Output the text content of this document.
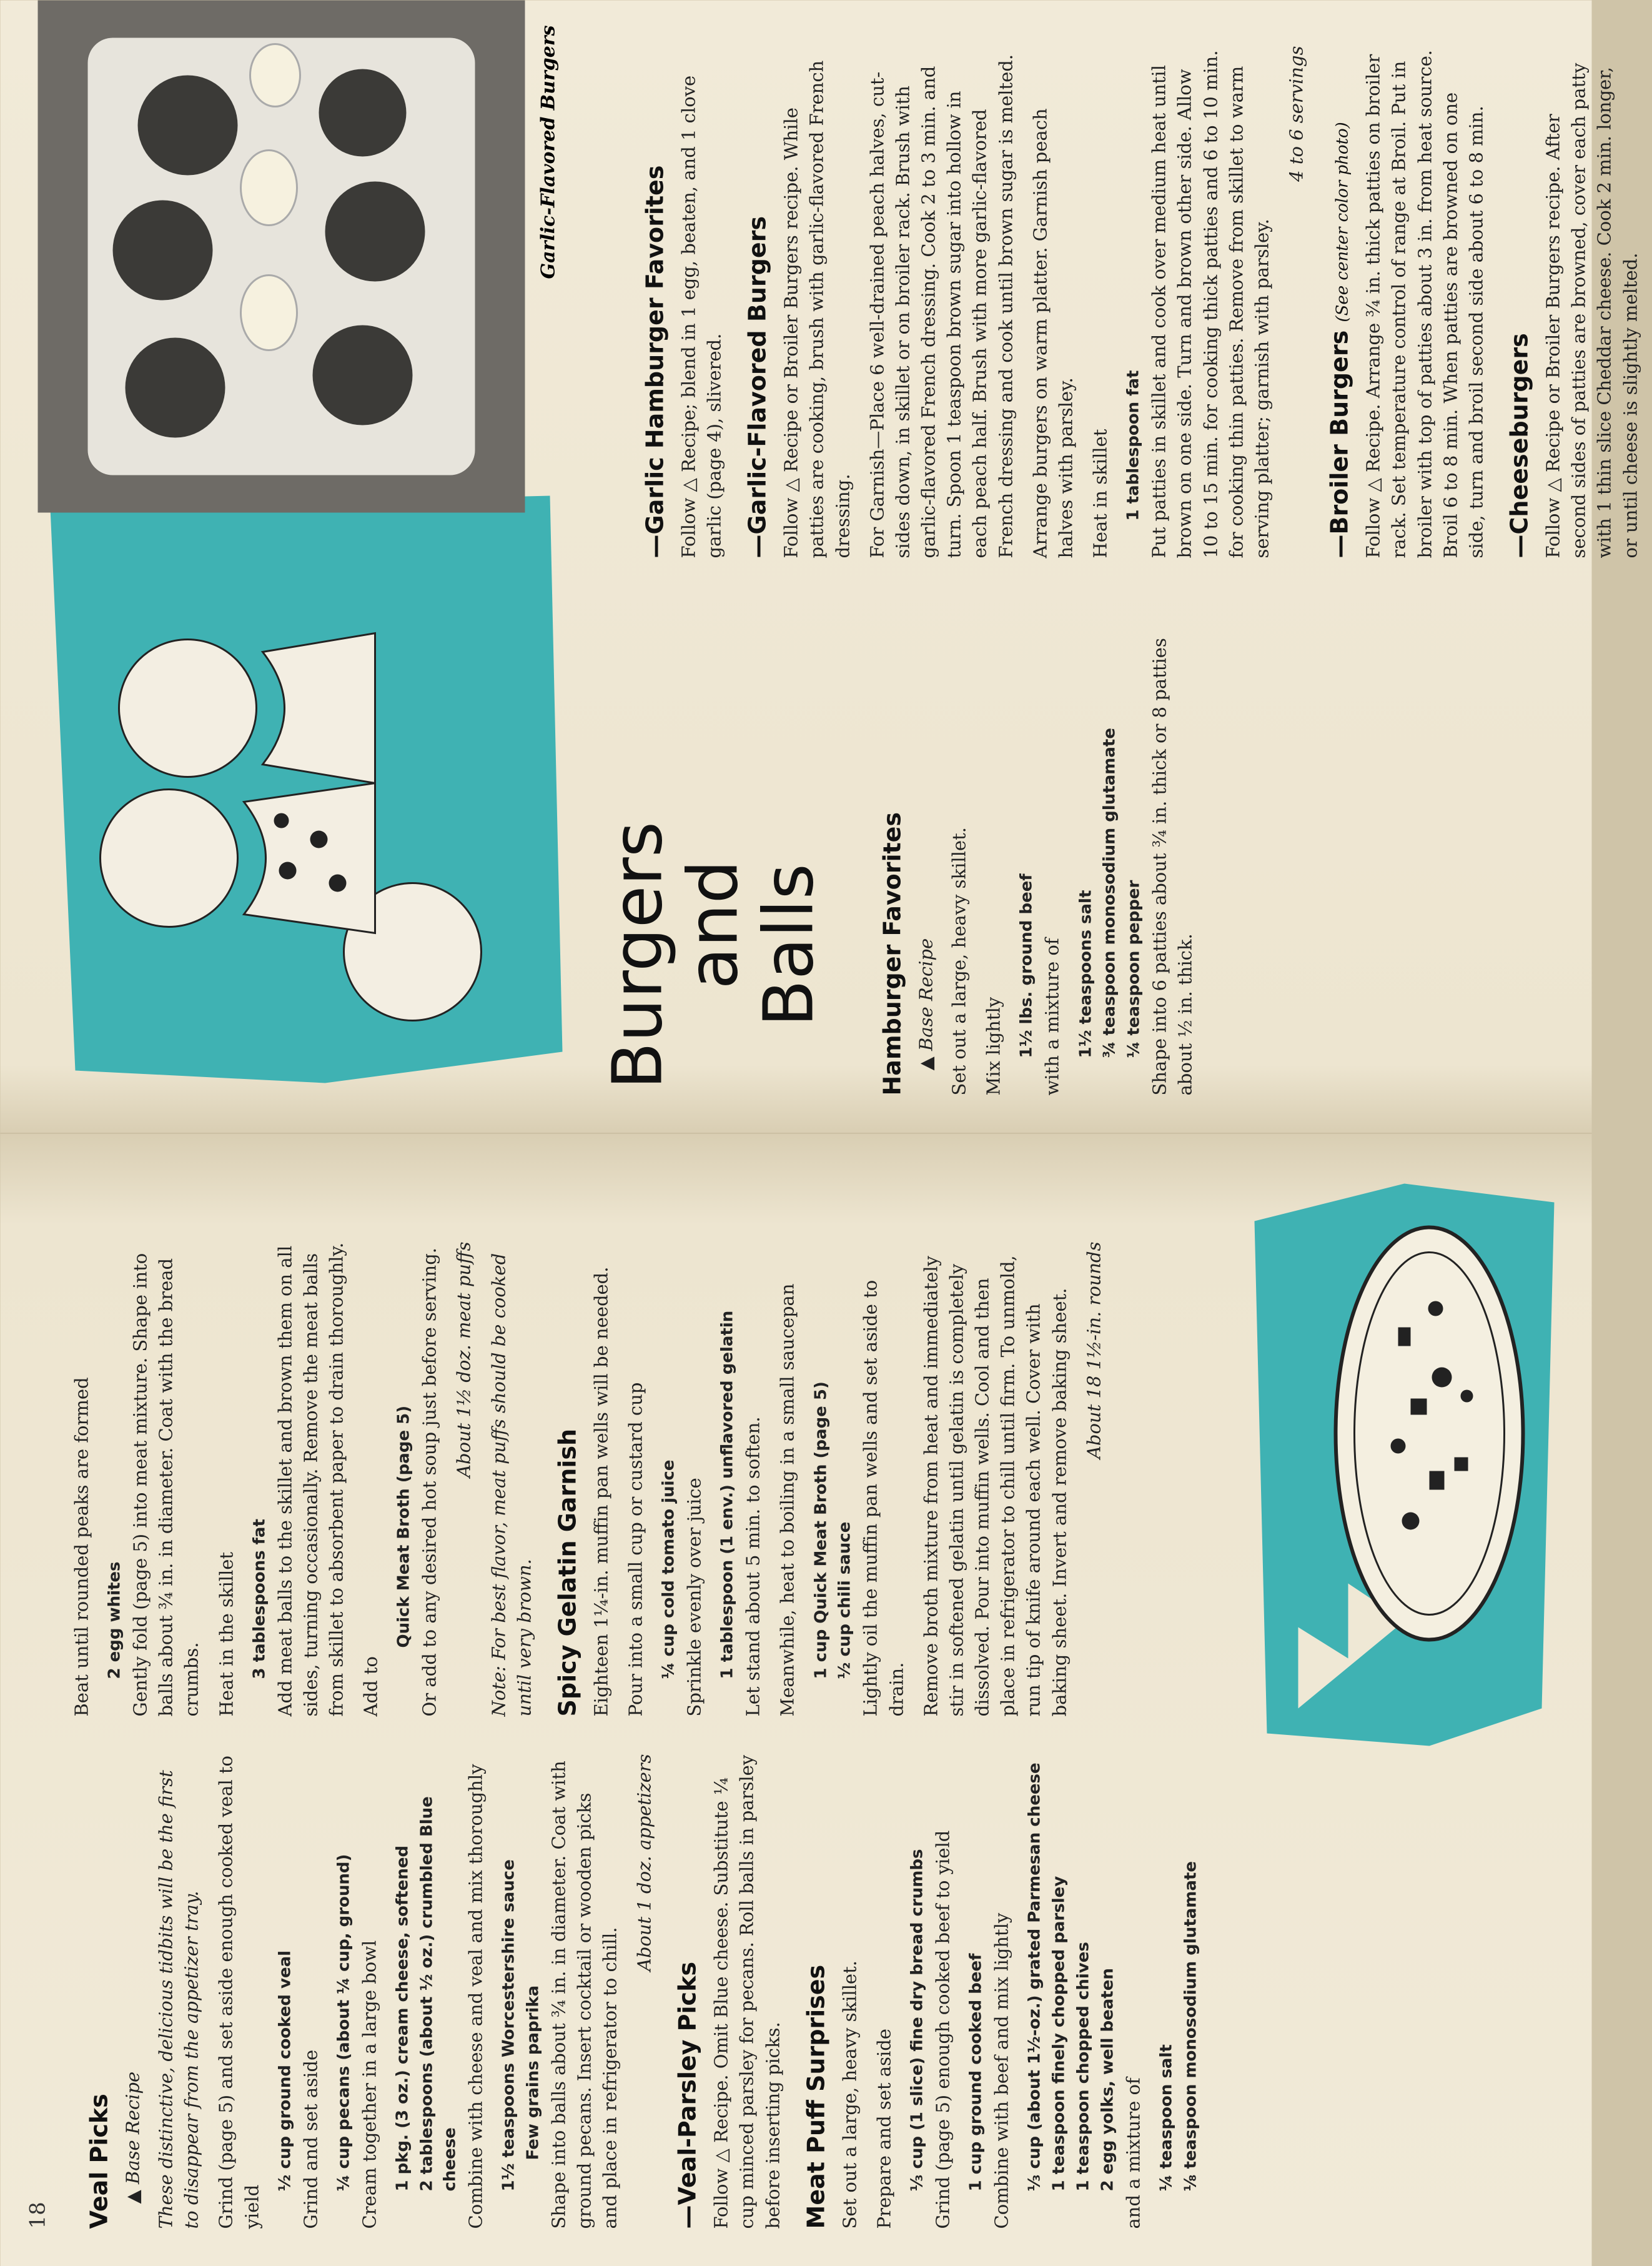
18 Veal Picks ▲ Base Recipe These distinctive, delicious tidbits will be the first to disappear from the appetizer tray. Grind (page 5) and set aside enough cooked veal to yield

½ cup ground cooked veal Grind and set aside ¼ cup pecans (about ¼ cup, ground) Cream together in a large bowl 1 pkg. (3 oz.) cream cheese, softened 2 tablespoons (about ½ oz.) crumbled Blue cheese Combine with cheese and veal and mix thoroughly 1½ teaspoons Worcestershire sauce Few grains paprika Shape into balls about ¾ in. in diameter. Coat with ground pecans. Insert cocktail or wooden picks and place in refrigerator to chill.

About 1 doz. appetizers

—Veal-Parsley Picks Follow △ Recipe. Omit Blue cheese. Substitute ¼ cup minced parsley for pecans. Roll balls in parsley before inserting picks. Meat Puff Surprises Set out a large, heavy skillet. Prepare and set aside ⅓ cup (1 slice) fine dry bread crumbs Grind (page 5) enough cooked beef to yield 1 cup ground cooked beef Combine with beef and mix lightly ⅓ cup (about 1½-oz.) grated Parmesan cheese 1 teaspoon finely chopped parsley 1 teaspoon chopped chives 2 egg yolks, well beaten and a mixture of ¼ teaspoon salt ⅛ teaspoon monosodium glutamate

Beat until rounded peaks are formed 2 egg whites Gently fold (page 5) into meat mixture. Shape into balls about ¾ in. in diameter. Coat with the bread crumbs. Heat in the skillet 3 tablespoons fat Add meat balls to the skillet and brown them on all sides, turning occasionally. Remove the meat balls from skillet to absorbent paper to drain thoroughly. Add to

Quick Meat Broth (page 5) Or add to any desired hot soup just before serving. About 1½ doz. meat puffs Note: For best flavor, meat puffs should be cooked until very brown. Spicy Gelatin Garnish Eighteen 1¼-in. muffin pan wells will be needed. Pour into a small cup or custard cup ¼ cup cold tomato juice Sprinkle evenly over juice 1 tablespoon (1 env.) unflavored gelatin Let stand about 5 min. to soften. Meanwhile, heat to boiling in a small saucepan 1 cup Quick Meat Broth (page 5) ½ cup chili sauce Lightly oil the muffin pan wells and set aside to drain. Remove broth mixture from heat and immediately stir in softened gelatin until gelatin is completely dissolved. Pour into muffin wells. Cool and then place in refrigerator to chill until firm. To unmold, run tip of knife around each well. Cover with baking sheet. Invert and remove baking sheet. About 18 1½-in. rounds

Burgers
and
Balls Hamburger Favorites ▲ Base Recipe Set out a large, heavy skillet. Mix lightly 1½ lbs. ground beef with a mixture of 1½ teaspoons salt ¾ teaspoon monosodium glutamate ¼ teaspoon pepper Shape into 6 patties about ¾ in. thick or 8 patties about ½ in. thick.

—Garlic Hamburger Favorites Follow △ Recipe; blend in 1 egg, beaten, and 1 clove garlic (page 4), slivered. —Garlic-Flavored Burgers Follow △ Recipe or Broiler Burgers recipe. While patties are cooking, brush with garlic-flavored French dressing. For Garnish—Place 6 well-drained peach halves, cut-sides down, in skillet or on broiler rack. Brush with garlic-flavored French dressing. Cook 2 to 3 min. and turn. Spoon 1 teaspoon brown sugar into hollow in each peach half. Brush with more garlic-flavored French dressing and cook until brown sugar is melted. Arrange burgers on warm platter. Garnish peach halves with parsley. Heat in skillet 1 tablespoon fat Put patties in skillet and cook over medium heat until brown on one side. Turn and brown other side. Allow 10 to 15 min. for cooking thick patties and 6 to 10 min. for cooking thin patties. Remove from skillet to warm serving platter; garnish with parsley.

4 to 6 servings

—Broiler Burgers (See center color photo) Follow △ Recipe. Arrange ¾ in. thick patties on broiler rack. Set temperature control of range at Broil. Put in broiler with top of patties about 3 in. from heat source. Broil 6 to 8 min. When patties are browned on one side, turn and broil second side about 6 to 8 min. —Cheeseburgers Follow △ Recipe or Broiler Burgers recipe. After second sides of patties are browned, cover each patty with 1 thin slice Cheddar cheese. Cook 2 min. longer, or until cheese is slightly melted.

Garlic-Flavored Burgers
